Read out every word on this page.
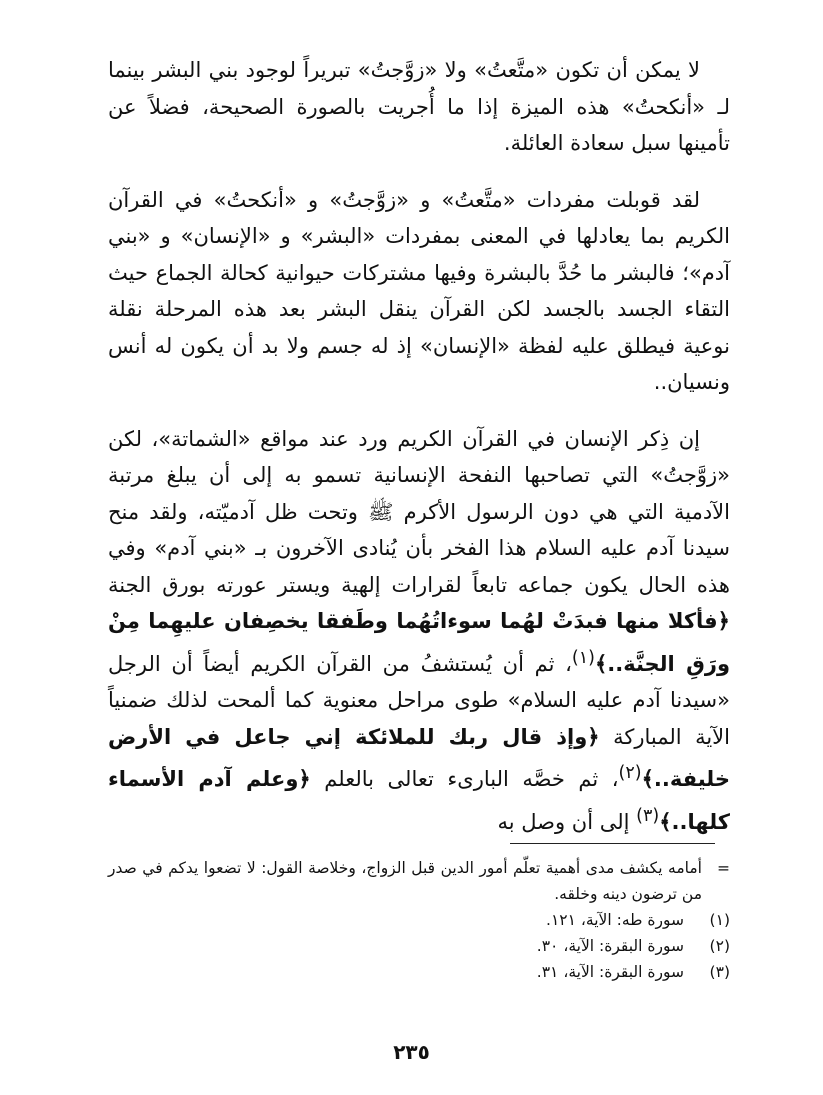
لا يمكن أن تكون «متَّعتُ» ولا «زوَّجتُ» تبريراً لوجود بني البشر بينما لـ «أنكحتُ» هذه الميزة إذا ما أُجريت بالصورة الصحيحة، فضلاً عن تأمينها سبل سعادة العائلة.

لقد قوبلت مفردات «متَّعتُ» و «زوَّجتُ» و «أنكحتُ» في القرآن الكريم بما يعادلها في المعنى بمفردات «البشر» و «الإنسان» و «بني آدم»؛ فالبشر ما حُدَّ بالبشرة وفيها مشتركات حيوانية كحالة الجماع حيث التقاء الجسد بالجسد لكن القرآن ينقل البشر بعد هذه المرحلة نقلة نوعية فيطلق عليه لفظة «الإنسان» إذ له جسم ولا بد أن يكون له أنس ونسيان..

إن ذِكر الإنسان في القرآن الكريم ورد عند مواقع «الشماتة»، لكن «زوَّجتُ» التي تصاحبها النفحة الإنسانية تسمو به إلى أن يبلغ مرتبة الآدمية التي هي دون الرسول الأكرم ﷺ وتحت ظل آدميّته، ولقد منح سيدنا آدم عليه السلام هذا الفخر بأن يُنادى الآخرون بـ «بني آدم» وفي هذه الحال يكون جماعه تابعاً لقرارات إلهية ويستر عورته بورق الجنة ﴿فأكلا منها فبدَتْ لهُما سوءاتُهُما وطَفقا يخصِفان عليهِما مِنْ ورَقِ الجنَّة..﴾$^{(١)}$، ثم أن يُستشفُ من القرآن الكريم أيضاً أن الرجل «سيدنا آدم عليه السلام» طوى مراحل معنوية كما ألمحت لذلك ضمنياً الآية المباركة ﴿وإذ قال ربك للملائكة إني جاعل في الأرض خليفة..﴾$^{(٢)}$، ثم خصَّه البارىء تعالى بالعلم ﴿وعلم آدم الأسماء كلها..﴾$^{(٣)}$ إلى أن وصل به

=
أمامه يكشف مدى أهمية تعلّم أمور الدين قبل الزواج، وخلاصة القول: لا تضعوا يدكم في صدر من ترضون دينه وخلقه.

(١)
سورة طه: الآية، ١٢١.

(٢)
سورة البقرة: الآية، ٣٠.

(٣)
سورة البقرة: الآية، ٣١.

٢٣٥
